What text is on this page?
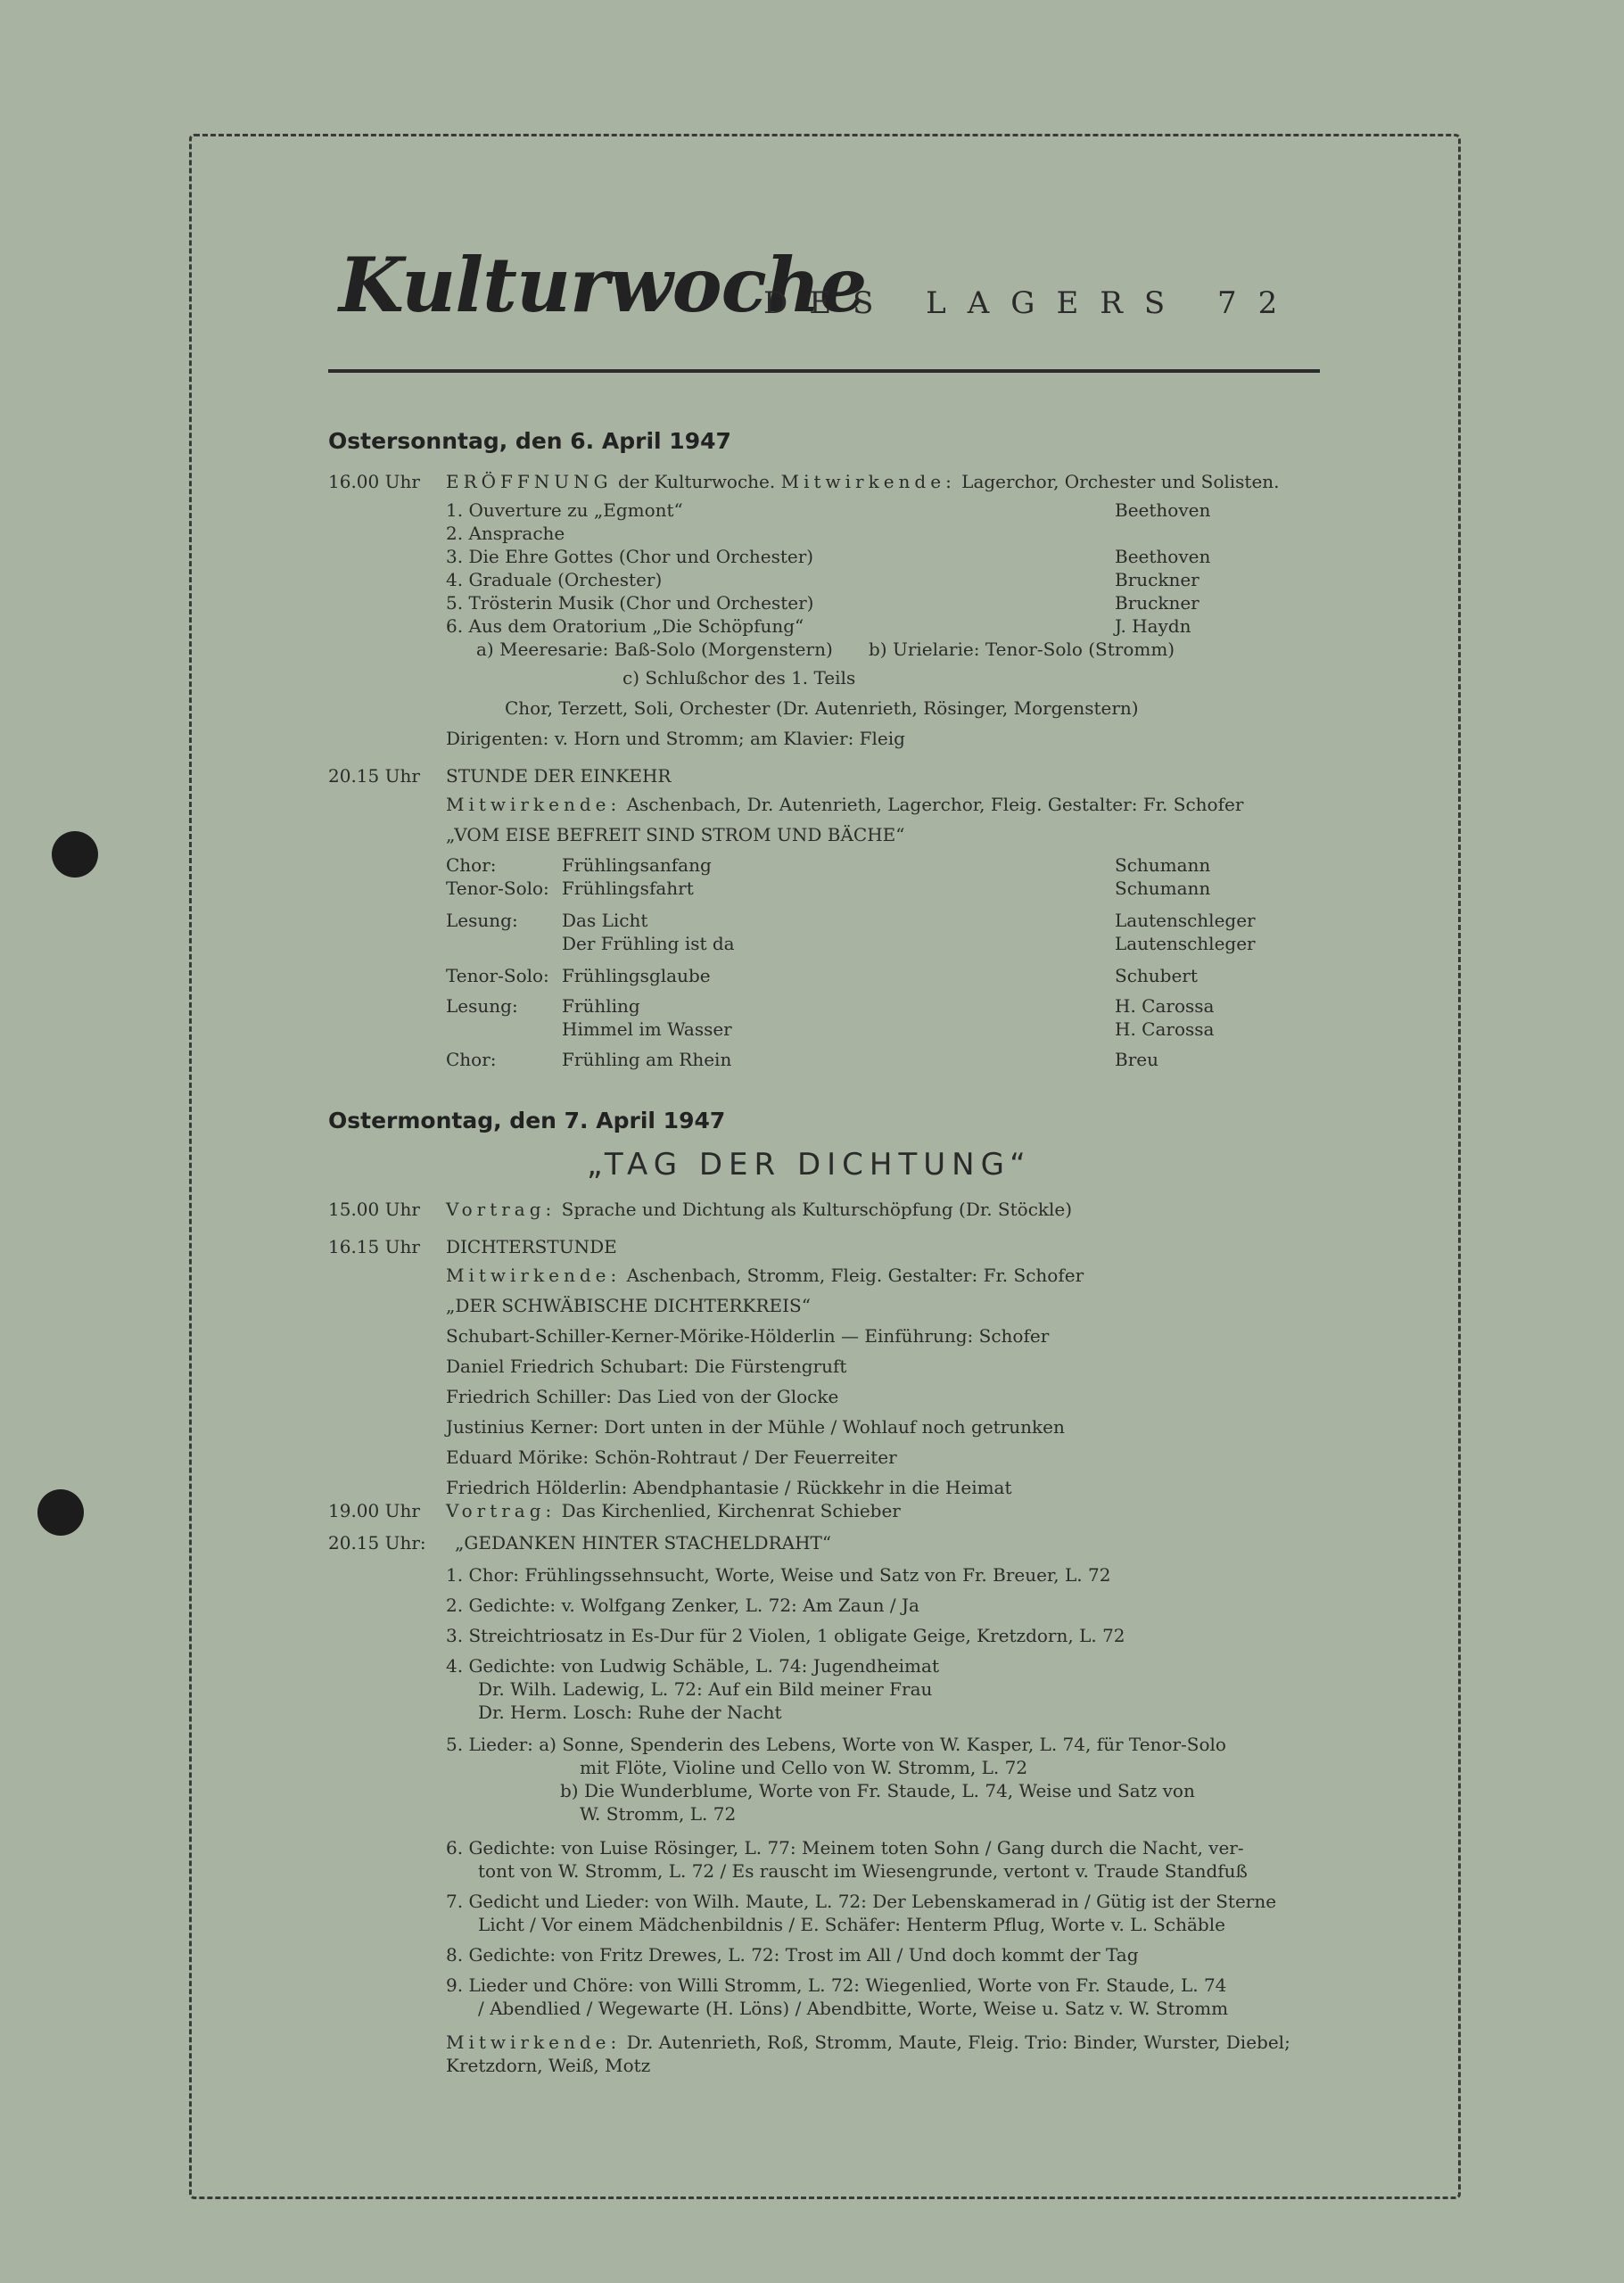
Kulturwoche
DES LAGERS 72
Ostersonntag, den 6. April 1947
16.00 Uhr ERÖFFNUNG der Kulturwoche. Mitwirkende: Lagerchor, Orchester und Solisten.
1. Ouverture zu „Egmont“	Beethoven
2. Ansprache
3. Die Ehre Gottes (Chor und Orchester)	Beethoven
4. Graduale (Orchester)	Bruckner
5. Trösterin Musik (Chor und Orchester)	Bruckner
6. Aus dem Oratorium „Die Schöpfung“	J. Haydn
a) Meeresarie: Baß-Solo (Morgenstern) b) Urielarie: Tenor-Solo (Stromm)
c) Schlußchor des 1. Teils
Chor, Terzett, Soli, Orchester (Dr. Autenrieth, Rösinger, Morgenstern)
Dirigenten: v. Horn und Stromm; am Klavier: Fleig
20.15 Uhr STUNDE DER EINKEHR
Mitwirkende: Aschenbach, Dr. Autenrieth, Lagerchor, Fleig. Gestalter: Fr. Schofer
„VOM EISE BEFREIT SIND STROM UND BÄCHE“
Chor:	Frühlingsanfang	Schumann
Tenor-Solo: Frühlingsfahrt	Schumann
Lesung: Das Licht	Lautenschleger
Der Frühling ist da	Lautenschleger
Tenor-Solo: Frühlingsglaube	Schubert
Lesung: Frühling	H. Carossa
Himmel im Wasser	H. Carossa
Chor:	Frühling am Rhein	Breu
Ostermontag, den 7. April 1947
„TAG DER DICHTUNG“
15.00 Uhr Vortrag: Sprache und Dichtung als Kulturschöpfung (Dr. Stöckle)
16.15 Uhr DICHTERSTUNDE
Mitwirkende: Aschenbach, Stromm, Fleig. Gestalter: Fr. Schofer
„DER SCHWÄBISCHE DICHTERKREIS“
Schubart-Schiller-Kerner-Mörike-Hölderlin — Einführung: Schofer
Daniel Friedrich Schubart: Die Fürstengruft
Friedrich Schiller: Das Lied von der Glocke
Justinius Kerner: Dort unten in der Mühle / Wohlauf noch getrunken
Eduard Mörike: Schön-Rohtraut / Der Feuerreiter
Friedrich Hölderlin: Abendphantasie / Rückkehr in die Heimat
19.00 Uhr Vortrag: Das Kirchenlied, Kirchenrat Schieber
20.15 Uhr: „GEDANKEN HINTER STACHELDRAHT“
1. Chor: Frühlingssehnsucht, Worte, Weise und Satz von Fr. Breuer, L. 72
2. Gedichte: v. Wolfgang Zenker, L. 72: Am Zaun / Ja
3. Streichtriosatz in Es-Dur für 2 Violen, 1 obligate Geige, Kretzdorn, L. 72
4. Gedichte: von Ludwig Schäble, L. 74: Jugendheimat
Dr. Wilh. Ladewig, L. 72: Auf ein Bild meiner Frau
Dr. Herm. Losch: Ruhe der Nacht
5. Lieder: a) Sonne, Spenderin des Lebens, Worte von W. Kasper, L. 74, für Tenor-Solo
mit Flöte, Violine und Cello von W. Stromm, L. 72
b) Die Wunderblume, Worte von Fr. Staude, L. 74, Weise und Satz von
W. Stromm, L. 72
6. Gedichte: von Luise Rösinger, L. 77: Meinem toten Sohn / Gang durch die Nacht, ver-
tont von W. Stromm, L. 72 / Es rauscht im Wiesengrunde, vertont v. Traude Standfuß
7. Gedicht und Lieder: von Wilh. Maute, L. 72: Der Lebenskamerad in / Gütig ist der Sterne
Licht / Vor einem Mädchenbildnis / E. Schäfer: Henterm Pflug, Worte v. L. Schäble
8. Gedichte: von Fritz Drewes, L. 72: Trost im All / Und doch kommt der Tag
9. Lieder und Chöre: von Willi Stromm, L. 72: Wiegenlied, Worte von Fr. Staude, L. 74
/ Abendlied / Wegewarte (H. Löns) / Abendbitte, Worte, Weise u. Satz v. W. Stromm
Mitwirkende: Dr. Autenrieth, Roß, Stromm, Maute, Fleig. Trio: Binder, Wurster, Diebel;
Kretzdorn, Weiß, Motz
